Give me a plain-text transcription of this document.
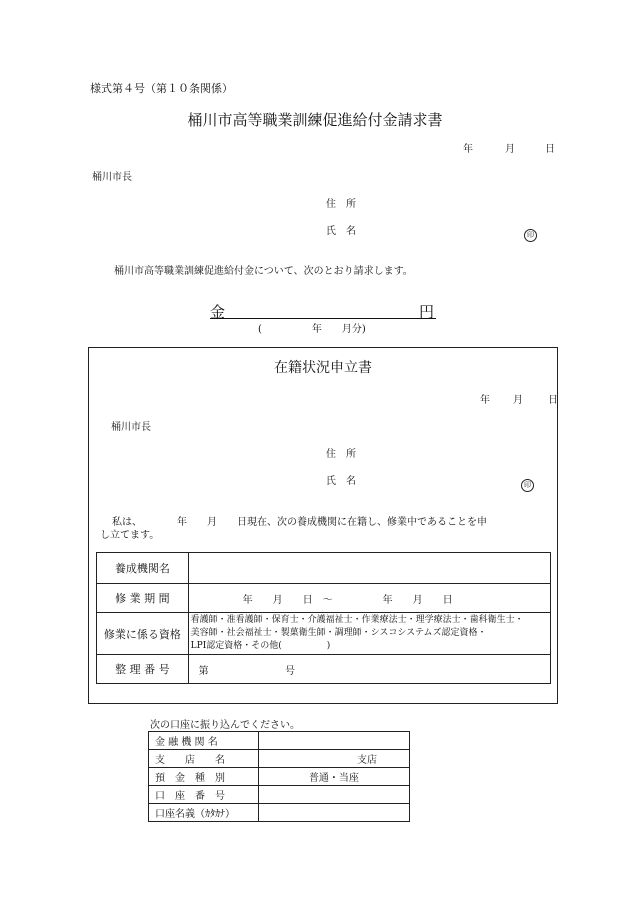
様式第４号（第１０条関係）
桶川市高等職業訓練促進給付金請求書
年	月	日
桶川市長
住　所
氏　名	印
桶川市高等職業訓練促進給付金について、次のとおり請求します。
金	円
(　　　　　年　　月分)
在籍状況申立書
年 月	日
桶川市長
住　所
氏　名	印
私は、　　　　年　　月　　日現在、次の養成機関に在籍し、修業中であることを申
し立てます。
養成機関名	
修 業 期 間	年　　月　　日　〜　　　　　年　　月　　日
修業に係る資格	看護師・准看護師・保育士・介護福祉士・作業療法士・理学療法士・歯科衛生士・
美容師・社会福祉士・製菓衛生師・調理師・シスコシステムズ認定資格・
LPI認定資格・その他(　　　　　)

整 理 番 号	第 号
次の口座に振り込んでください。
金 融 機 関 名	
支　　店　　名	支店
預　金　種　別	普通・当座
口　座　番　号	
口座名義（ｶﾀｶﾅ）	
